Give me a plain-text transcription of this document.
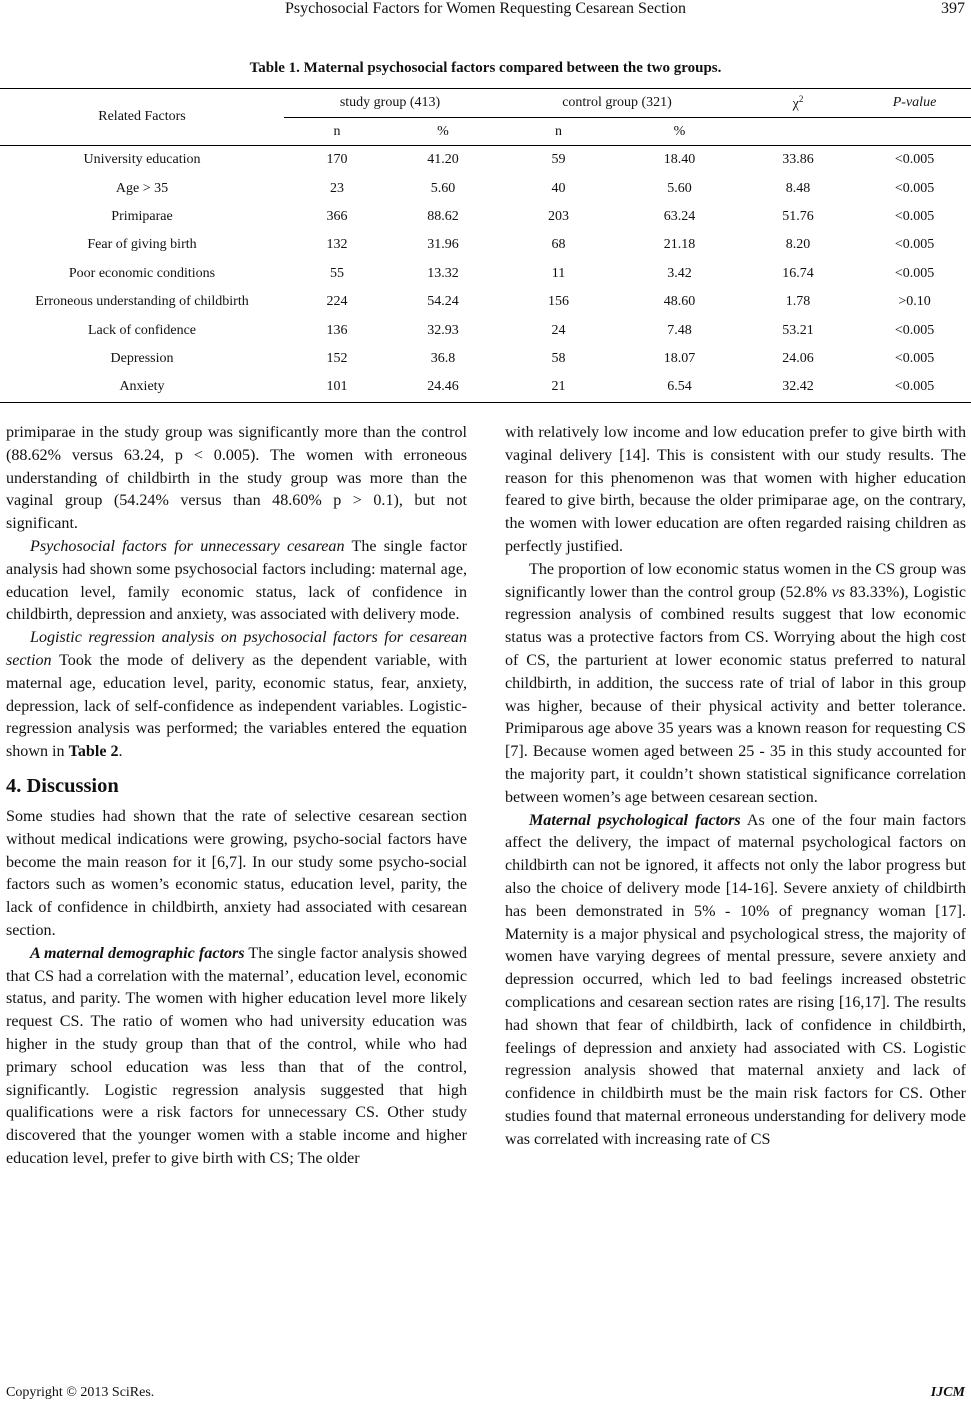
Psychosocial Factors for Women Requesting Cesarean Section	397
Table 1. Maternal psychosocial factors compared between the two groups.
Related Factors	study group (413)		control group (321)		$\chi^2$	P-value
	n	%	n	%		
University education	170	41.20	59	18.40	33.86	<0.005
Age > 35	23	5.60	40	5.60	8.48	<0.005
Primiparae	366	88.62	203	63.24	51.76	<0.005
Fear of giving birth	132	31.96	68	21.18	8.20	<0.005
Poor economic conditions	55	13.32	11	3.42	16.74	<0.005
Erroneous understanding of childbirth	224	54.24	156	48.60	1.78	>0.10
Lack of confidence	136	32.93	24	7.48	53.21	<0.005
Depression	152	36.8	58	18.07	24.06	<0.005
Anxiety	101	24.46	21	6.54	32.42	<0.005

primiparae in the study group was significantly more than the control (88.62% versus 63.24, p < 0.005). The women with erroneous understanding of childbirth in the study group was more than the vaginal group (54.24% versus than 48.60% p > 0.1), but not significant.

Psychosocial factors for unnecessary cesarean The single factor analysis had shown some psychosocial factors including: maternal age, education level, family economic status, lack of confidence in childbirth, depression and anxiety, was associated with delivery mode.

Logistic regression analysis on psychosocial factors for cesarean section Took the mode of delivery as the dependent variable, with maternal age, education level, parity, economic status, fear, anxiety, depression, lack of self-confidence as independent variables. Logistic-regression analysis was performed; the variables entered the equation shown in Table 2.

4. Discussion

Some studies had shown that the rate of selective cesarean section without medical indications were growing, psycho-social factors have become the main reason for it [6,7]. In our study some psycho-social factors such as women’s economic status, education level, parity, the lack of confidence in childbirth, anxiety had associated with cesarean section.

A maternal demographic factors The single factor analysis showed that CS had a correlation with the maternal’, education level, economic status, and parity. The women with higher education level more likely request CS. The ratio of women who had university education was higher in the study group than that of the control, while who had primary school education was less than that of the control, significantly. Logistic regression analysis suggested that high qualifications were a risk factors for unnecessary CS. Other study discovered that the younger women with a stable income and higher education level, prefer to give birth with CS; The older

with relatively low income and low education prefer to give birth with vaginal delivery [14]. This is consistent with our study results. The reason for this phenomenon was that women with higher education feared to give birth, because the older primiparae age, on the contrary, the women with lower education are often regarded raising children as perfectly justified.

The proportion of low economic status women in the CS group was significantly lower than the control group (52.8% vs 83.33%), Logistic regression analysis of combined results suggest that low economic status was a protective factors from CS. Worrying about the high cost of CS, the parturient at lower economic status preferred to natural childbirth, in addition, the success rate of trial of labor in this group was higher, because of their physical activity and better tolerance. Primiparous age above 35 years was a known reason for requesting CS [7]. Because women aged between 25 - 35 in this study accounted for the majority part, it couldn’t shown statistical significance correlation between women’s age between cesarean section.

Maternal psychological factors As one of the four main factors affect the delivery, the impact of maternal psychological factors on childbirth can not be ignored, it affects not only the labor progress but also the choice of delivery mode [14-16]. Severe anxiety of childbirth has been demonstrated in 5% - 10% of pregnancy woman [17]. Maternity is a major physical and psychological stress, the majority of women have varying degrees of mental pressure, severe anxiety and depression occurred, which led to bad feelings increased obstetric complications and cesarean section rates are rising [16,17]. The results had shown that fear of childbirth, lack of confidence in childbirth, feelings of depression and anxiety had associated with CS. Logistic regression analysis showed that maternal anxiety and lack of confidence in childbirth must be the main risk factors for CS. Other studies found that maternal erroneous understanding for delivery mode was correlated with increasing rate of CS

Copyright © 2013 SciRes.	IJCM
